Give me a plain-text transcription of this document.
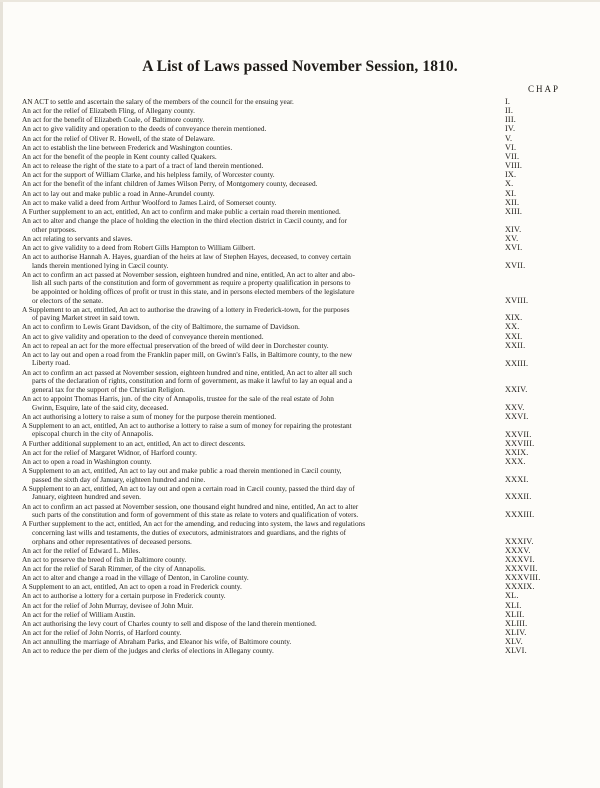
A List of Laws passed November Session, 1810.
CHAP
AN ACT to settle and ascertain the salary of the members of the council for the ensuing year.	I.
An act for the relief of Elizabeth Fling, of Allegany county.	II.
An act for the benefit of Elizabeth Coale, of Baltimore county.	III.
An act to give validity and operation to the deeds of conveyance therein mentioned.	IV.
An act for the relief of Oliver R. Howell, of the state of Delaware.	V.
An act to establish the line between Frederick and Washington counties.	VI.
An act for the benefit of the people in Kent county called Quakers.	VII.
An act to release the right of the state to a part of a tract of land therein mentioned.	VIII.
An act for the support of William Clarke, and his helpless family, of Worcester county.	IX.
An act for the benefit of the infant children of James Wilson Perry, of Montgomery county, deceased.	X.
An act to lay out and make public a road in Anne-Arundel county.	XI.
An act to make valid a deed from Arthur Woolford to James Laird, of Somerset county.	XII.
A Further supplement to an act, entitled, An act to confirm and make public a certain road therein mentioned.	XIII.
An act to alter and change the place of holding the election in the third election district in Cæcil county, and for
other purposes.	XIV.
An act relating to servants and slaves.	XV.
An act to give validity to a deed from Robert Gills Hampton to William Gilbert.	XVI.
An act to authorise Hannah A. Hayes, guardian of the heirs at law of Stephen Hayes, deceased, to convey certain
lands therein mentioned lying in Cæcil county.	XVII.
An act to confirm an act passed at November session, eighteen hundred and nine, entitled, An act to alter and abo-
lish all such parts of the constitution and form of government as require a property qualification in persons to
be appointed or holding offices of profit or trust in this state, and in persons elected members of the legislature
or electors of the senate.	XVIII.
A Supplement to an act, entitled, An act to authorise the drawing of a lottery in Frederick-town, for the purposes
of paving Market street in said town.	XIX.
An act to confirm to Lewis Grant Davidson, of the city of Baltimore, the surname of Davidson.	XX.
An act to give validity and operation to the deed of conveyance therein mentioned.	XXI.
An act to repeal an act for the more effectual preservation of the breed of wild deer in Dorchester county.	XXII.
An act to lay out and open a road from the Franklin paper mill, on Gwinn's Falls, in Baltimore county, to the new
Liberty road.	XXIII.
An act to confirm an act passed at November session, eighteen hundred and nine, entitled, An act to alter all such
parts of the declaration of rights, constitution and form of government, as make it lawful to lay an equal and a
general tax for the support of the Christian Religion.	XXIV.
An act to appoint Thomas Harris, jun. of the city of Annapolis, trustee for the sale of the real estate of John
Gwinn, Esquire, late of the said city, deceased.	XXV.
An act authorising a lottery to raise a sum of money for the purpose therein mentioned.	XXVI.
A Supplement to an act, entitled, An act to authorise a lottery to raise a sum of money for repairing the protestant
episcopal church in the city of Annapolis.	XXVII.
A Further additional supplement to an act, entitled, An act to direct descents.	XXVIII.
An act for the relief of Margaret Widnor, of Harford county.	XXIX.
An act to open a road in Washington county.	XXX.
A Supplement to an act, entitled, An act to lay out and make public a road therein mentioned in Cæcil county,
passed the sixth day of January, eighteen hundred and nine.	XXXI.
A Supplement to an act, entitled, An act to lay out and open a certain road in Cæcil county, passed the third day of
January, eighteen hundred and seven.	XXXII.
An act to confirm an act passed at November session, one thousand eight hundred and nine, entitled, An act to alter
such parts of the constitution and form of government of this state as relate to voters and qualification of voters.	XXXIII.
A Further supplement to the act, entitled, An act for the amending, and reducing into system, the laws and regulations
concerning last wills and testaments, the duties of executors, administrators and guardians, and the rights of
orphans and other representatives of deceased persons.	XXXIV.
An act for the relief of Edward L. Miles.	XXXV.
An act to preserve the breed of fish in Baltimore county.	XXXVI.
An act for the relief of Sarah Rimmer, of the city of Annapolis.	XXXVII.
An act to alter and change a road in the village of Denton, in Caroline county.	XXXVIII.
A Supplement to an act, entitled, An act to open a road in Frederick county.	XXXIX.
An act to authorise a lottery for a certain purpose in Frederick county.	XL.
An act for the relief of John Murray, devisee of John Muir.	XLI.
An act for the relief of William Austin.	XLII.
An act authorising the levy court of Charles county to sell and dispose of the land therein mentioned.	XLIII.
An act for the relief of John Norris, of Harford county.	XLIV.
An act annulling the marriage of Abraham Parks, and Eleanor his wife, of Baltimore county.	XLV.
An act to reduce the per diem of the judges and clerks of elections in Allegany county.	XLVI.
